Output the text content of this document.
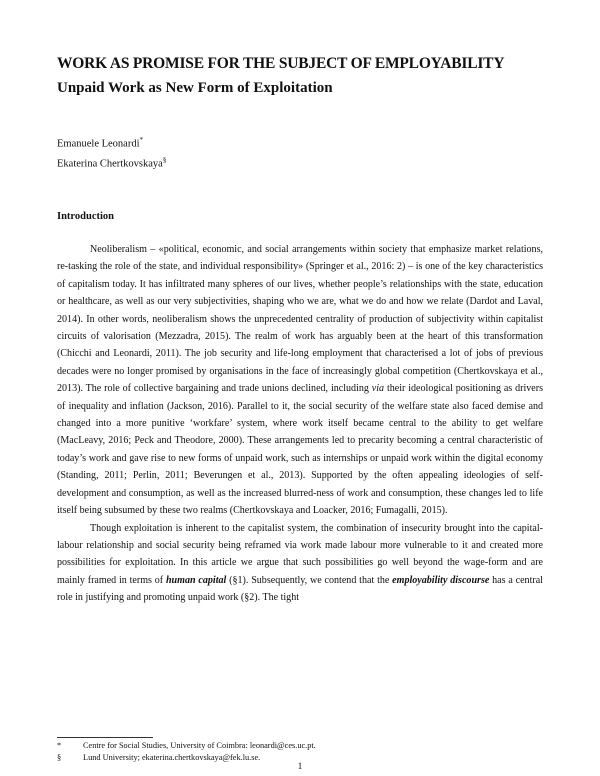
WORK AS PROMISE FOR THE SUBJECT OF EMPLOYABILITY
Unpaid Work as New Form of Exploitation
Emanuele Leonardi*
Ekaterina Chertkovskaya§
Introduction

Neoliberalism – «political, economic, and social arrangements within society that emphasize market relations, re-tasking the role of the state, and individual responsibility» (Springer et al., 2016: 2) – is one of the key characteristics of capitalism today. It has infiltrated many spheres of our lives, whether people’s relationships with the state, education or healthcare, as well as our very subjectivities, shaping who we are, what we do and how we relate (Dardot and Laval, 2014). In other words, neoliberalism shows the unprecedented centrality of production of subjectivity within capitalist circuits of valorisation (Mezzadra, 2015). The realm of work has arguably been at the heart of this transformation (Chicchi and Leonardi, 2011). The job security and life-long employment that characterised a lot of jobs of previous decades were no longer promised by organisations in the face of increasingly global competition (Chertkovskaya et al., 2013). The role of collective bargaining and trade unions declined, including via their ideological positioning as drivers of inequality and inflation (Jackson, 2016). Parallel to it, the social security of the welfare state also faced demise and changed into a more punitive ‘workfare’ system, where work itself became central to the ability to get welfare (MacLeavy, 2016; Peck and Theodore, 2000). These arrangements led to precarity becoming a central characteristic of today’s work and gave rise to new forms of unpaid work, such as internships or unpaid work within the digital economy (Standing, 2011; Perlin, 2011; Beverungen et al., 2013). Supported by the often appealing ideologies of self-development and consumption, as well as the increased blurred-ness of work and consumption, these changes led to life itself being subsumed by these two realms (Chertkovskaya and Loacker, 2016; Fumagalli, 2015).

Though exploitation is inherent to the capitalist system, the combination of insecurity brought into the capital-labour relationship and social security being reframed via work made labour more vulnerable to it and created more possibilities for exploitation. In this article we argue that such possibilities go well beyond the wage-form and are mainly framed in terms of human capital (§1). Subsequently, we contend that the employability discourse has a central role in justifying and promoting unpaid work (§2). The tight

*	Centre for Social Studies, University of Coimbra: leonardi@ces.uc.pt.
§	Lund University; ekaterina.chertkovskaya@fek.lu.se.
1
